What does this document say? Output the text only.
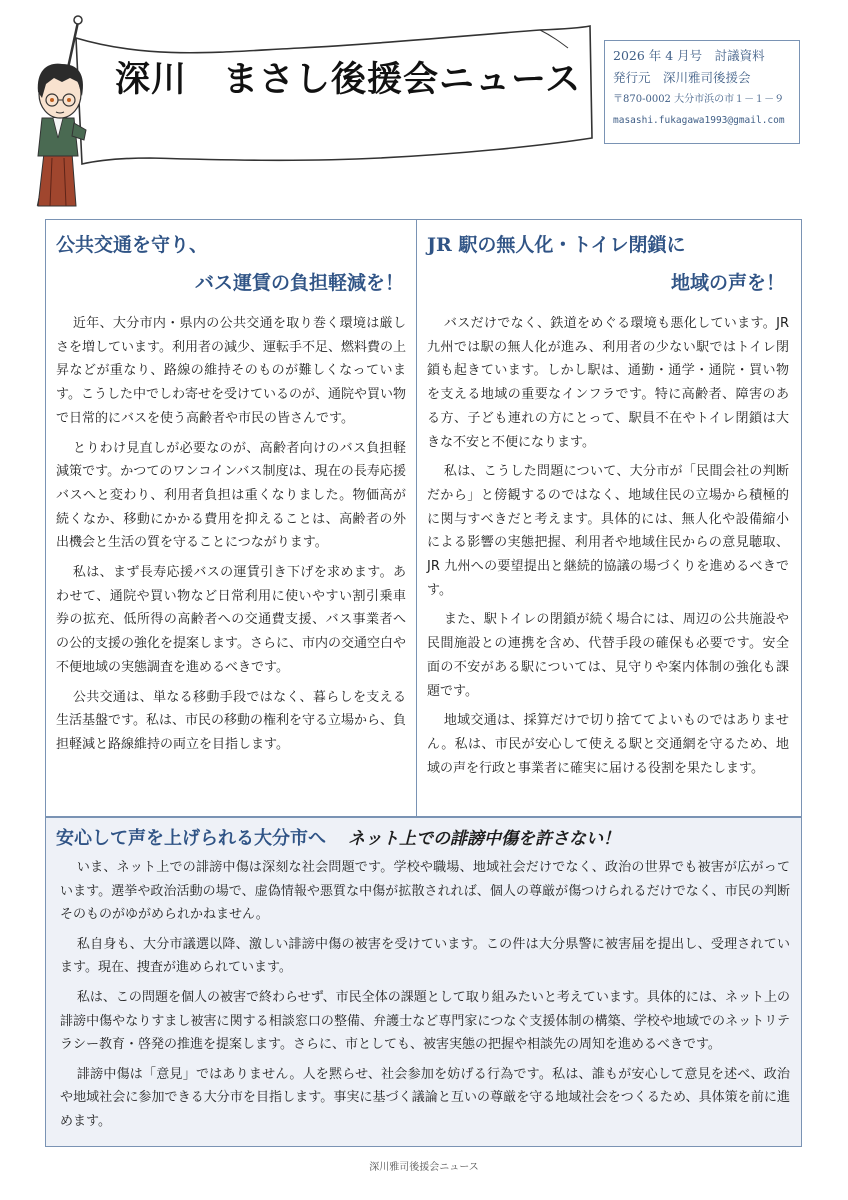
深川　まさし後援会ニュース
2026 年 4 月号　討議資料
発行元　深川雅司後援会
〒870-0002 大分市浜の市１－１－９
masashi.fukagawa1993@gmail.com
公共交通を守り、
バス運賃の負担軽減を！

近年、大分市内・県内の公共交通を取り巻く環境は厳しさを増しています。利用者の減少、運転手不足、燃料費の上昇などが重なり、路線の維持そのものが難しくなっています。こうした中でしわ寄せを受けているのが、通院や買い物で日常的にバスを使う高齢者や市民の皆さんです。

とりわけ見直しが必要なのが、高齢者向けのバス負担軽減策です。かつてのワンコインバス制度は、現在の長寿応援バスへと変わり、利用者負担は重くなりました。物価高が続くなか、移動にかかる費用を抑えることは、高齢者の外出機会と生活の質を守ることにつながります。

私は、まず長寿応援バスの運賃引き下げを求めます。あわせて、通院や買い物など日常利用に使いやすい割引乗車券の拡充、低所得の高齢者への交通費支援、バス事業者への公的支援の強化を提案します。さらに、市内の交通空白や不便地域の実態調査を進めるべきです。

公共交通は、単なる移動手段ではなく、暮らしを支える生活基盤です。私は、市民の移動の権利を守る立場から、負担軽減と路線維持の両立を目指します。

JR 駅の無人化・トイレ閉鎖に
地域の声を！

バスだけでなく、鉄道をめぐる環境も悪化しています。JR 九州では駅の無人化が進み、利用者の少ない駅ではトイレ閉鎖も起きています。しかし駅は、通勤・通学・通院・買い物を支える地域の重要なインフラです。特に高齢者、障害のある方、子ども連れの方にとって、駅員不在やトイレ閉鎖は大きな不安と不便になります。

私は、こうした問題について、大分市が「民間会社の判断だから」と傍観するのではなく、地域住民の立場から積極的に関与すべきだと考えます。具体的には、無人化や設備縮小による影響の実態把握、利用者や地域住民からの意見聴取、JR 九州への要望提出と継続的協議の場づくりを進めるべきです。

また、駅トイレの閉鎖が続く場合には、周辺の公共施設や民間施設との連携を含め、代替手段の確保も必要です。安全面の不安がある駅については、見守りや案内体制の強化も課題です。

地域交通は、採算だけで切り捨ててよいものではありません。私は、市民が安心して使える駅と交通網を守るため、地域の声を行政と事業者に確実に届ける役割を果たします。

安心して声を上げられる大分市へ ネット上での誹謗中傷を許さない！

いま、ネット上での誹謗中傷は深刻な社会問題です。学校や職場、地域社会だけでなく、政治の世界でも被害が広がっています。選挙や政治活動の場で、虚偽情報や悪質な中傷が拡散されれば、個人の尊厳が傷つけられるだけでなく、市民の判断そのものがゆがめられかねません。

私自身も、大分市議選以降、激しい誹謗中傷の被害を受けています。この件は大分県警に被害届を提出し、受理されています。現在、捜査が進められています。

私は、この問題を個人の被害で終わらせず、市民全体の課題として取り組みたいと考えています。具体的には、ネット上の誹謗中傷やなりすまし被害に関する相談窓口の整備、弁護士など専門家につなぐ支援体制の構築、学校や地域でのネットリテラシー教育・啓発の推進を提案します。さらに、市としても、被害実態の把握や相談先の周知を進めるべきです。

誹謗中傷は「意見」ではありません。人を黙らせ、社会参加を妨げる行為です。私は、誰もが安心して意見を述べ、政治や地域社会に参加できる大分市を目指します。事実に基づく議論と互いの尊厳を守る地域社会をつくるため、具体策を前に進めます。

深川雅司後援会ニュース
